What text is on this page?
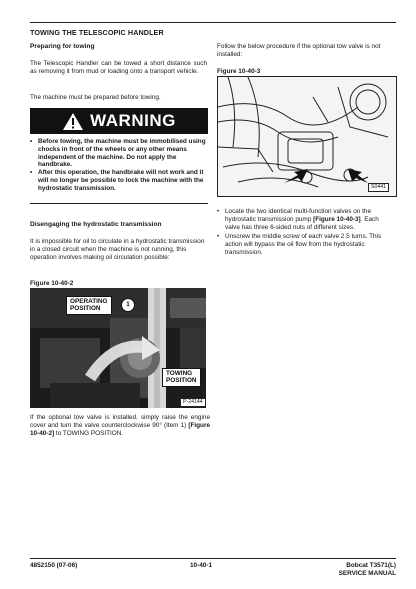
TOWING THE TELESCOPIC HANDLER
Preparing for towing
The Telescopic Handler can be towed a short distance such as removing it from mud or loading onto a transport vehicle.
The machine must be prepared before towing.
WARNING
• Before towing, the machine must be immobilised using chocks in front of the wheels or any other means independent of the machine. Do not apply the handbrake.
• After this operation, the handbrake will not work and it will no longer be possible to lock the machine with the hydrostatic transmission.
Disengaging the hydrostatic transmission
It is impossible for oil to circulate in a hydrostatic transmission in a closed circuit when the machine is not running, this operation involves making oil circulation possible:
Figure 10-40-2
OPERATING
POSITION
1
TOWING
POSITION
P-24144
If the optional tow valve is installed, simply raise the engine cover and turn the valve counterclockwise 90° (Item 1) [Figure 10-40-2] to TOWING POSITION.
Follow the below procedure if the optional tow valve is not installed:
Figure 10-40-3
S0441
• Locate the two identical multi-function valves on the hydrostatic transmission pump [Figure 10-40-3]. Each valve has three 6-sided nuts of different sizes.
• Unscrew the middle screw of each valve 2.5 turns. This action will bypass the oil flow from the hydrostatic transmission.
4852150 (07-06)	10-40-1	Bobcat T3571(L)
SERVICE MANUAL
